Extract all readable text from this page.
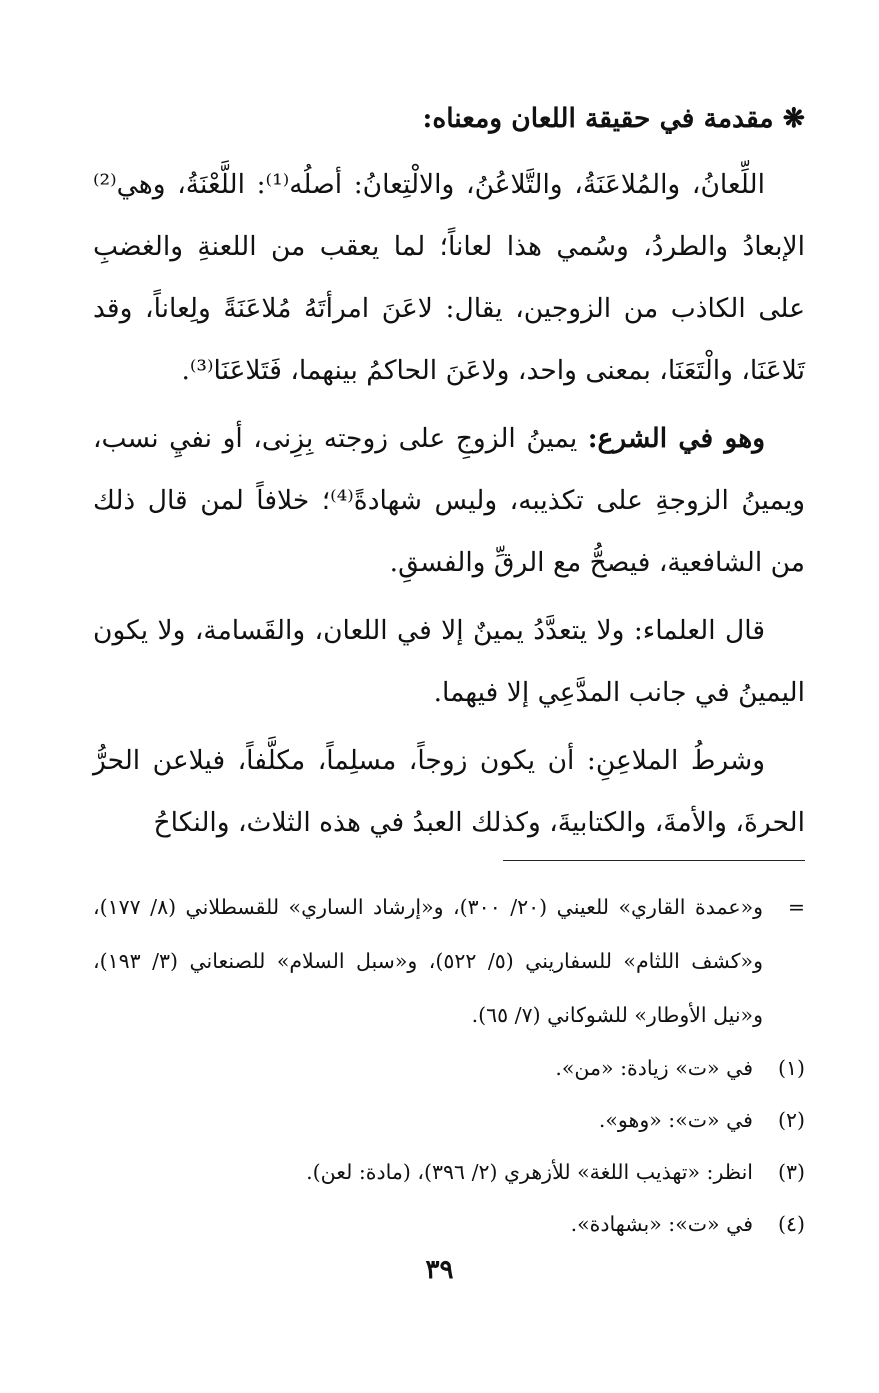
❋ مقدمة في حقيقة اللعان ومعناه:

اللِّعانُ، والمُلاعَنَةُ، والتَّلاعُنُ، والالْتِعانُ: أصلُه⁽¹⁾: اللَّعْنَةُ، وهي⁽²⁾ الإبعادُ والطردُ، وسُمي هذا لعاناً؛ لما يعقب من اللعنةِ والغضبِ على الكاذب من الزوجين، يقال: لاعَنَ امرأتَهُ مُلاعَنَةً ولِعاناً، وقد تَلاعَنَا، والْتَعَنَا، بمعنى واحد، ولاعَنَ الحاكمُ بينهما، فَتَلاعَنَا⁽³⁾.

وهو في الشرع: يمينُ الزوجِ على زوجته بِزِنى، أو نفيِ نسب، ويمينُ الزوجةِ على تكذيبه، وليس شهادةً⁽⁴⁾؛ خلافاً لمن قال ذلك من الشافعية، فيصحُّ مع الرقِّ والفسقِ.

قال العلماء: ولا يتعدَّدُ يمينٌ إلا في اللعان، والقَسامة، ولا يكون اليمينُ في جانب المدَّعِي إلا فيهما.

وشرطُ الملاعِنِ: أن يكون زوجاً، مسلِماً، مكلَّفاً، فيلاعن الحرُّ الحرةَ، والأمةَ، والكتابيةَ، وكذلك العبدُ في هذه الثلاث، والنكاحُ

=
و«عمدة القاري» للعيني (٢٠/ ٣٠٠)، و«إرشاد الساري» للقسطلاني (٨/ ١٧٧)، و«كشف اللثام» للسفاريني (٥/ ٥٢٢)، و«سبل السلام» للصنعاني (٣/ ١٩٣)، و«نيل الأوطار» للشوكاني (٧/ ٦٥).
(١)
في «ت» زيادة: «من».
(٢)
في «ت»: «وهو».
(٣)
انظر: «تهذيب اللغة» للأزهري (٢/ ٣٩٦)، (مادة: لعن).
(٤)
في «ت»: «بشهادة».
٣٩
